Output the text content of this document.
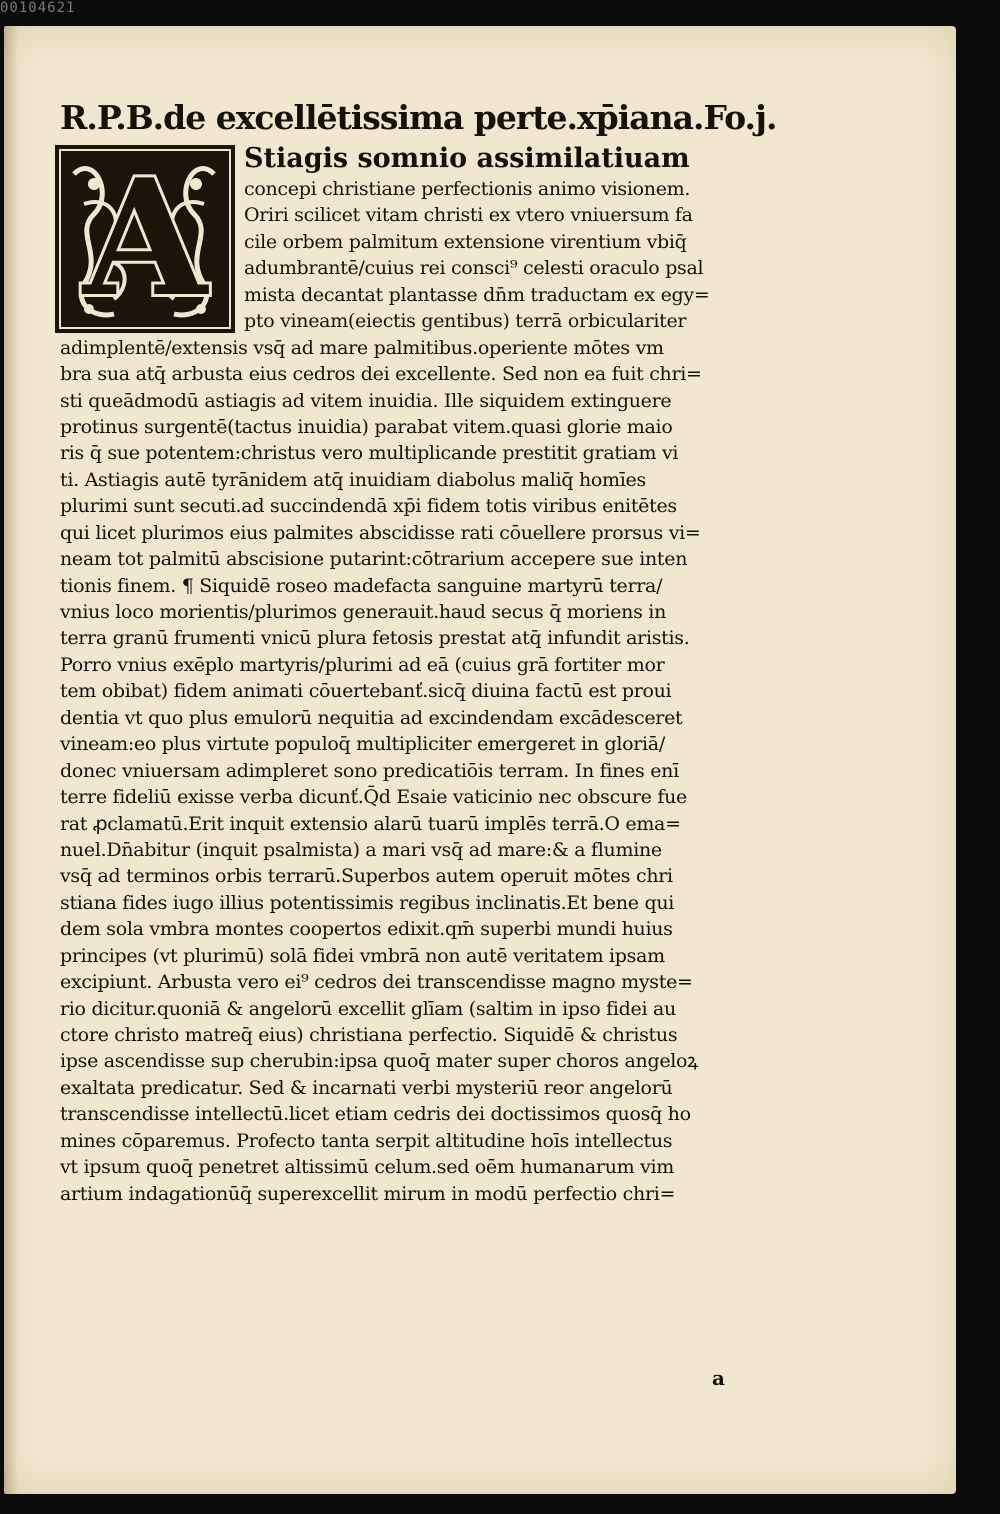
00104621
R.P.B.de excellētissima perte.xp̄iana.Fo.j.
A Stiagis somnio assimilatiuam
concepi christiane perfectionis animo visionem.
Oriri scilicet vitam christi ex vtero vniuersum fa
cile orbem palmitum extensione virentium vbiq̄
adumbrantē/cuius rei consci⁹ celesti oraculo psal
mista decantat plantasse dn̄m traductam ex egy=
pto vineam(eiectis gentibus) terrā orbiculariter
adimplentē/extensis vsq̄ ad mare palmitibus.operiente mōtes vm
bra sua atq̄ arbusta eius cedros dei excellente. Sed non ea fuit chri=
sti queādmodū astiagis ad vitem inuidia. Ille siquidem extinguere
protinus surgentē(tactus inuidia) parabat vitem.quasi glorie maio
ris q̄ sue potentem:christus vero multiplicande prestitit gratiam vi
ti. Astiagis autē tyrānidem atq̄ inuidiam diabolus maliq̄ homīes
plurimi sunt secuti.ad succindendā xp̄i fidem totis viribus enitētes
qui licet plurimos eius palmites abscidisse rati cōuellere prorsus vi=
neam tot palmitū abscisione putarint:cōtrarium accepere sue inten
tionis finem. ¶ Siquidē roseo madefacta sanguine martyrū terra/
vnius loco morientis/plurimos generauit.haud secus q̄ moriens in
terra granū frumenti vnicū plura fetosis prestat atq̄ infundit aristis.
Porro vnius exēplo martyris/plurimi ad eā (cuius grā fortiter mor
tem obibat) fidem animati cōuertebanť.sicq̄ diuina factū est proui
dentia vt quo plus emulorū nequitia ad excindendam excādesceret
vineam:eo plus virtute populoq̄ multipliciter emergeret in gloriā/
donec vniuersam adimpleret sono predicatiōis terram. In fines enī
terre fideliū exisse verba dicunť.Q̄d Esaie vaticinio nec obscure fue
rat ꝓclamatū.Erit inquit extensio alarū tuarū implēs terrā.O ema=
nuel.Dn̄abitur (inquit psalmista) a mari vsq̄ ad mare:& a flumine
vsq̄ ad terminos orbis terrarū.Superbos autem operuit mōtes chri
stiana fides iugo illius potentissimis regibus inclinatis.Et bene qui
dem sola vmbra montes coopertos edixit.qm̄ superbi mundi huius
principes (vt plurimū) solā fidei vmbrā non autē veritatem ipsam
excipiunt. Arbusta vero ei⁹ cedros dei transcendisse magno myste=
rio dicitur.quoniā & angelorū excellit glīam (saltim in ipso fidei au
ctore christo matreq̄ eius) christiana perfectio. Siquidē & christus
ipse ascendisse sup cherubin:ipsa quoq̄ mater super choros angeloꝝ
exaltata predicatur. Sed & incarnati verbi mysteriū reor angelorū
transcendisse intellectū.licet etiam cedris dei doctissimos quosq̄ ho
mines cōparemus. Profecto tanta serpit altitudine hoīs intellectus
vt ipsum quoq̄ penetret altissimū celum.sed oēm humanarum vim
artium indagationūq̄ superexcellit mirum in modū perfectio chri=
a
